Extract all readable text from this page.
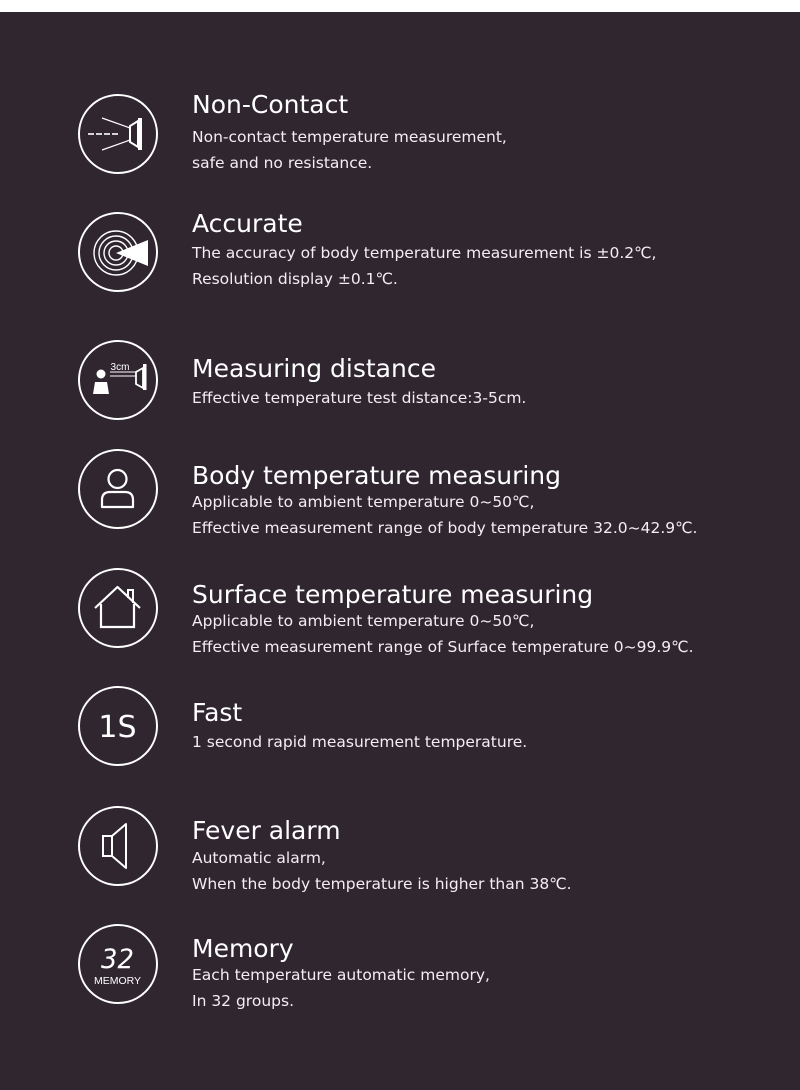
Non-Contact
Non-contact temperature measurement,
safe and no resistance.
Accurate
The accuracy of body temperature measurement is ±0.2℃,
Resolution display ±0.1℃.
3cm	Measuring distance
Effective temperature test distance:3-5cm.
Body temperature measuring
Applicable to ambient temperature 0~50℃,
Effective measurement range of body temperature 32.0~42.9℃.
Surface temperature measuring
Applicable to ambient temperature 0~50℃,
Effective measurement range of Surface temperature 0~99.9℃.
1S Fast
1 second rapid measurement temperature.
Fever alarm
Automatic alarm,
When the body temperature is higher than 38℃.
32
MEMORY
Memory
Each temperature automatic memory,
In 32 groups.
